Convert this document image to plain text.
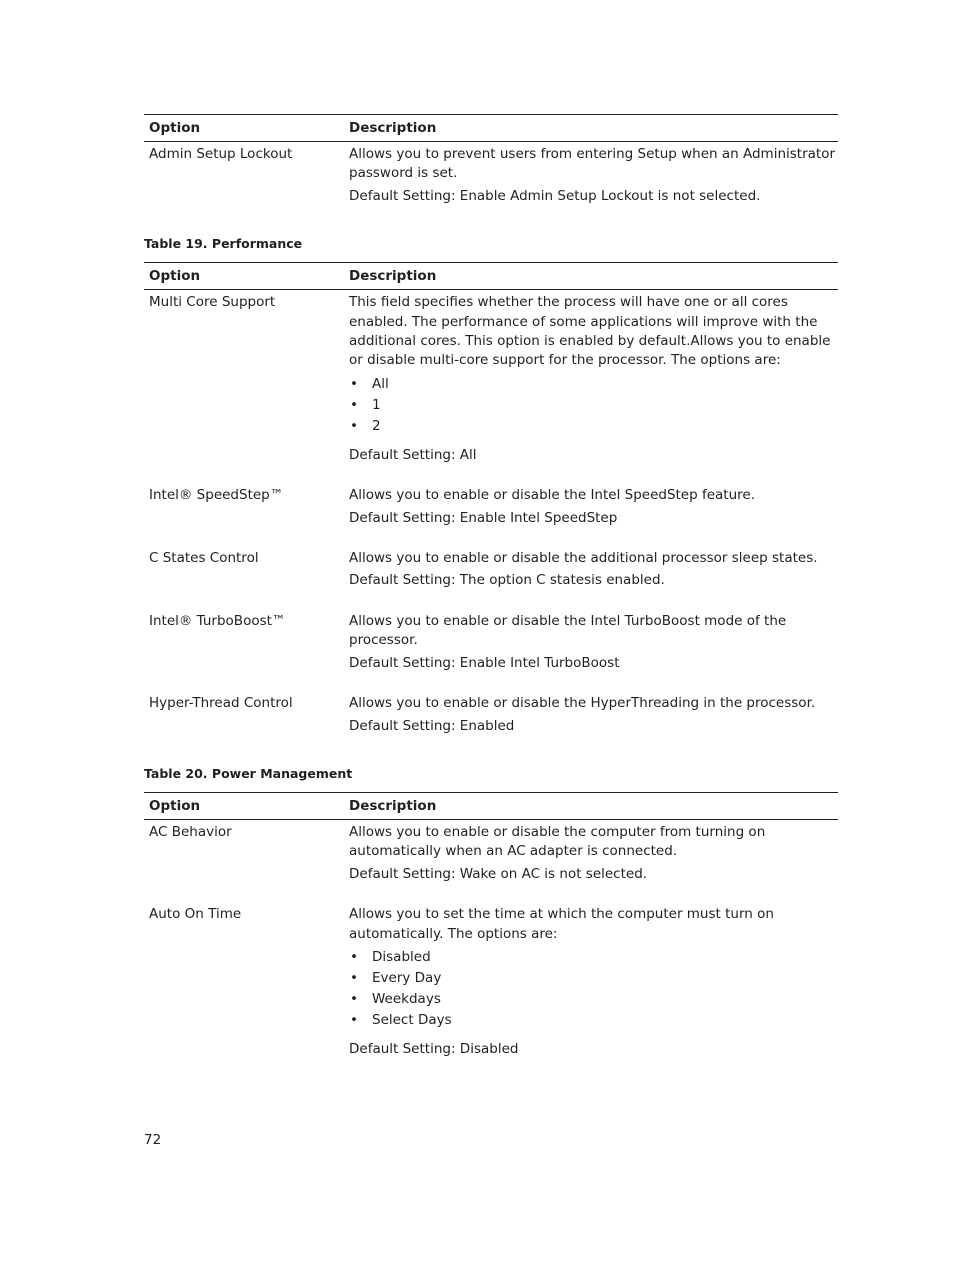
Option	Description
Admin Setup Lockout	Allows you to prevent users from entering Setup when an Administrator password is set.

Default Setting: Enable Admin Setup Lockout is not selected.

Table 19. Performance
Option	Description
Multi Core Support	This field specifies whether the process will have one or all cores enabled. The performance of some applications will improve with the additional cores. This option is enabled by default.Allows you to enable or disable multi-core support for the processor. The options are:

• All
• 1
• 2

Default Setting: All

Intel® SpeedStep™	Allows you to enable or disable the Intel SpeedStep feature.

Default Setting: Enable Intel SpeedStep

C States Control	Allows you to enable or disable the additional processor sleep states.

Default Setting: The option C statesis enabled.

Intel® TurboBoost™	Allows you to enable or disable the Intel TurboBoost mode of the processor.

Default Setting: Enable Intel TurboBoost

Hyper-Thread Control	Allows you to enable or disable the HyperThreading in the processor.

Default Setting: Enabled

Table 20. Power Management
Option	Description
AC Behavior	Allows you to enable or disable the computer from turning on automatically when an AC adapter is connected.

Default Setting: Wake on AC is not selected.

Auto On Time	Allows you to set the time at which the computer must turn on automatically. The options are:

• Disabled
• Every Day
• Weekdays
• Select Days

Default Setting: Disabled

72
